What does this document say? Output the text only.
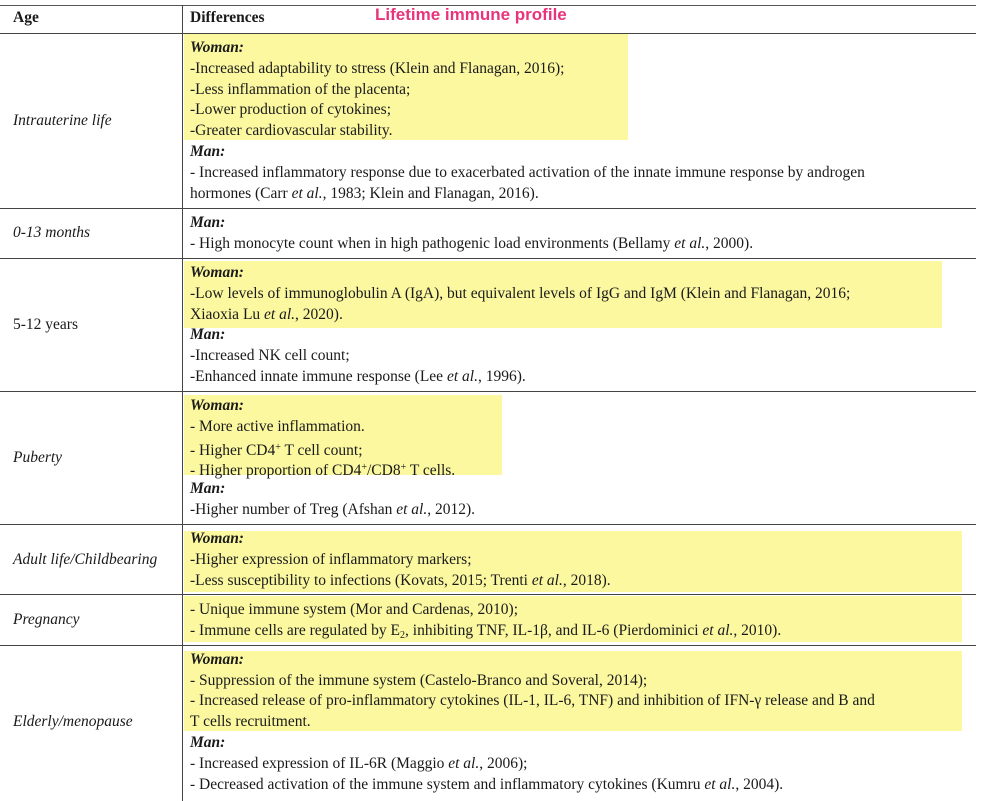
Lifetime immune profile
Age	Differences
Intrauterine life
Woman:
-Increased adaptability to stress (Klein and Flanagan, 2016);
-Less inflammation of the placenta;
-Lower production of cytokines;
-Greater cardiovascular stability.
Man:
- Increased inflammatory response due to exacerbated activation of the innate immune response by androgen
hormones (Carr et al., 1983; Klein and Flanagan, 2016).
0-13 months
Man:
- High monocyte count when in high pathogenic load environments (Bellamy et al., 2000).
5-12 years
Woman:
-Low levels of immunoglobulin A (IgA), but equivalent levels of IgG and IgM (Klein and Flanagan, 2016;
Xiaoxia Lu et al., 2020).
Man:
-Increased NK cell count;
-Enhanced innate immune response (Lee et al., 1996).
Puberty
Woman:
- More active inflammation.
- Higher CD4+ T cell count;
- Higher proportion of CD4+/CD8+ T cells.
Man:
-Higher number of Treg (Afshan et al., 2012).
Adult life/Childbearing
Woman:
-Higher expression of inflammatory markers;
-Less susceptibility to infections (Kovats, 2015; Trenti et al., 2018).
Pregnancy
- Unique immune system (Mor and Cardenas, 2010);
- Immune cells are regulated by $E_2$, inhibiting TNF, IL-1β, and IL-6 (Pierdominici et al., 2010).
Elderly/menopause
Woman:
- Suppression of the immune system (Castelo-Branco and Soveral, 2014);
- Increased release of pro-inflammatory cytokines (IL-1, IL-6, TNF) and inhibition of IFN-γ release and B and
T cells recruitment.
Man:
- Increased expression of IL-6R (Maggio et al., 2006);
- Decreased activation of the immune system and inflammatory cytokines (Kumru et al., 2004).
